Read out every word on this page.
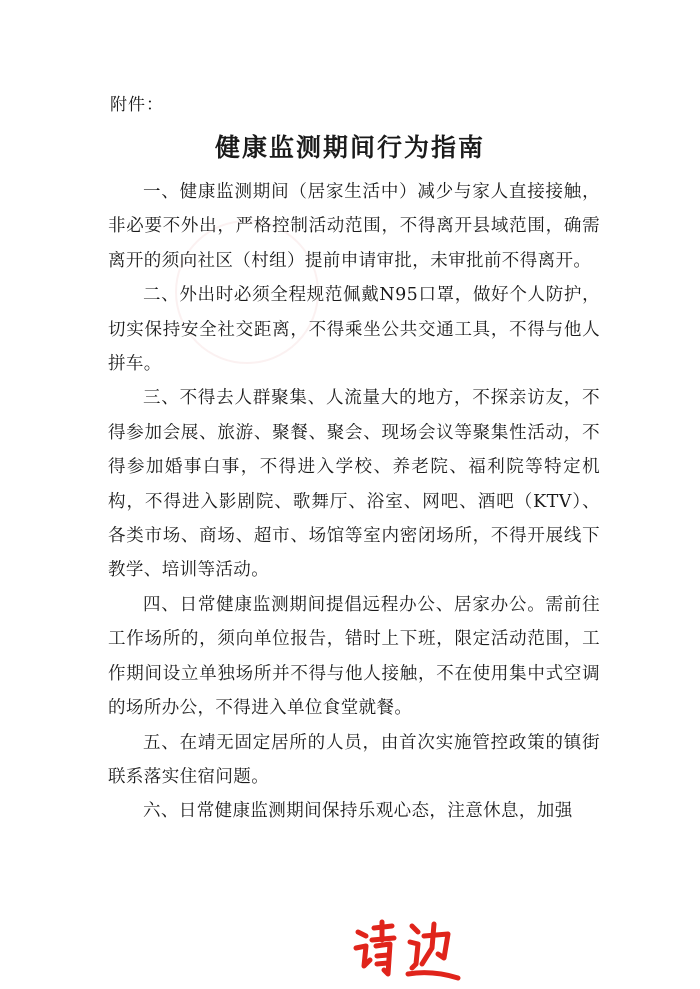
附件：
健康监测期间行为指南

一、健康监测期间（居家生活中）减少与家人直接接触，非必要不外出，严格控制活动范围，不得离开县域范围，确需离开的须向社区（村组）提前申请审批，未审批前不得离开。

二、外出时必须全程规范佩戴N95口罩，做好个人防护，切实保持安全社交距离，不得乘坐公共交通工具，不得与他人拼车。

三、不得去人群聚集、人流量大的地方，不探亲访友，不得参加会展、旅游、聚餐、聚会、现场会议等聚集性活动，不得参加婚事白事，不得进入学校、养老院、福利院等特定机构，不得进入影剧院、歌舞厅、浴室、网吧、酒吧（KTV）、各类市场、商场、超市、场馆等室内密闭场所，不得开展线下教学、培训等活动。

四、日常健康监测期间提倡远程办公、居家办公。需前往工作场所的，须向单位报告，错时上下班，限定活动范围，工作期间设立单独场所并不得与他人接触，不在使用集中式空调的场所办公，不得进入单位食堂就餐。

五、在靖无固定居所的人员，由首次实施管控政策的镇街联系落实住宿问题。

六、日常健康监测期间保持乐观心态，注意休息，加强
